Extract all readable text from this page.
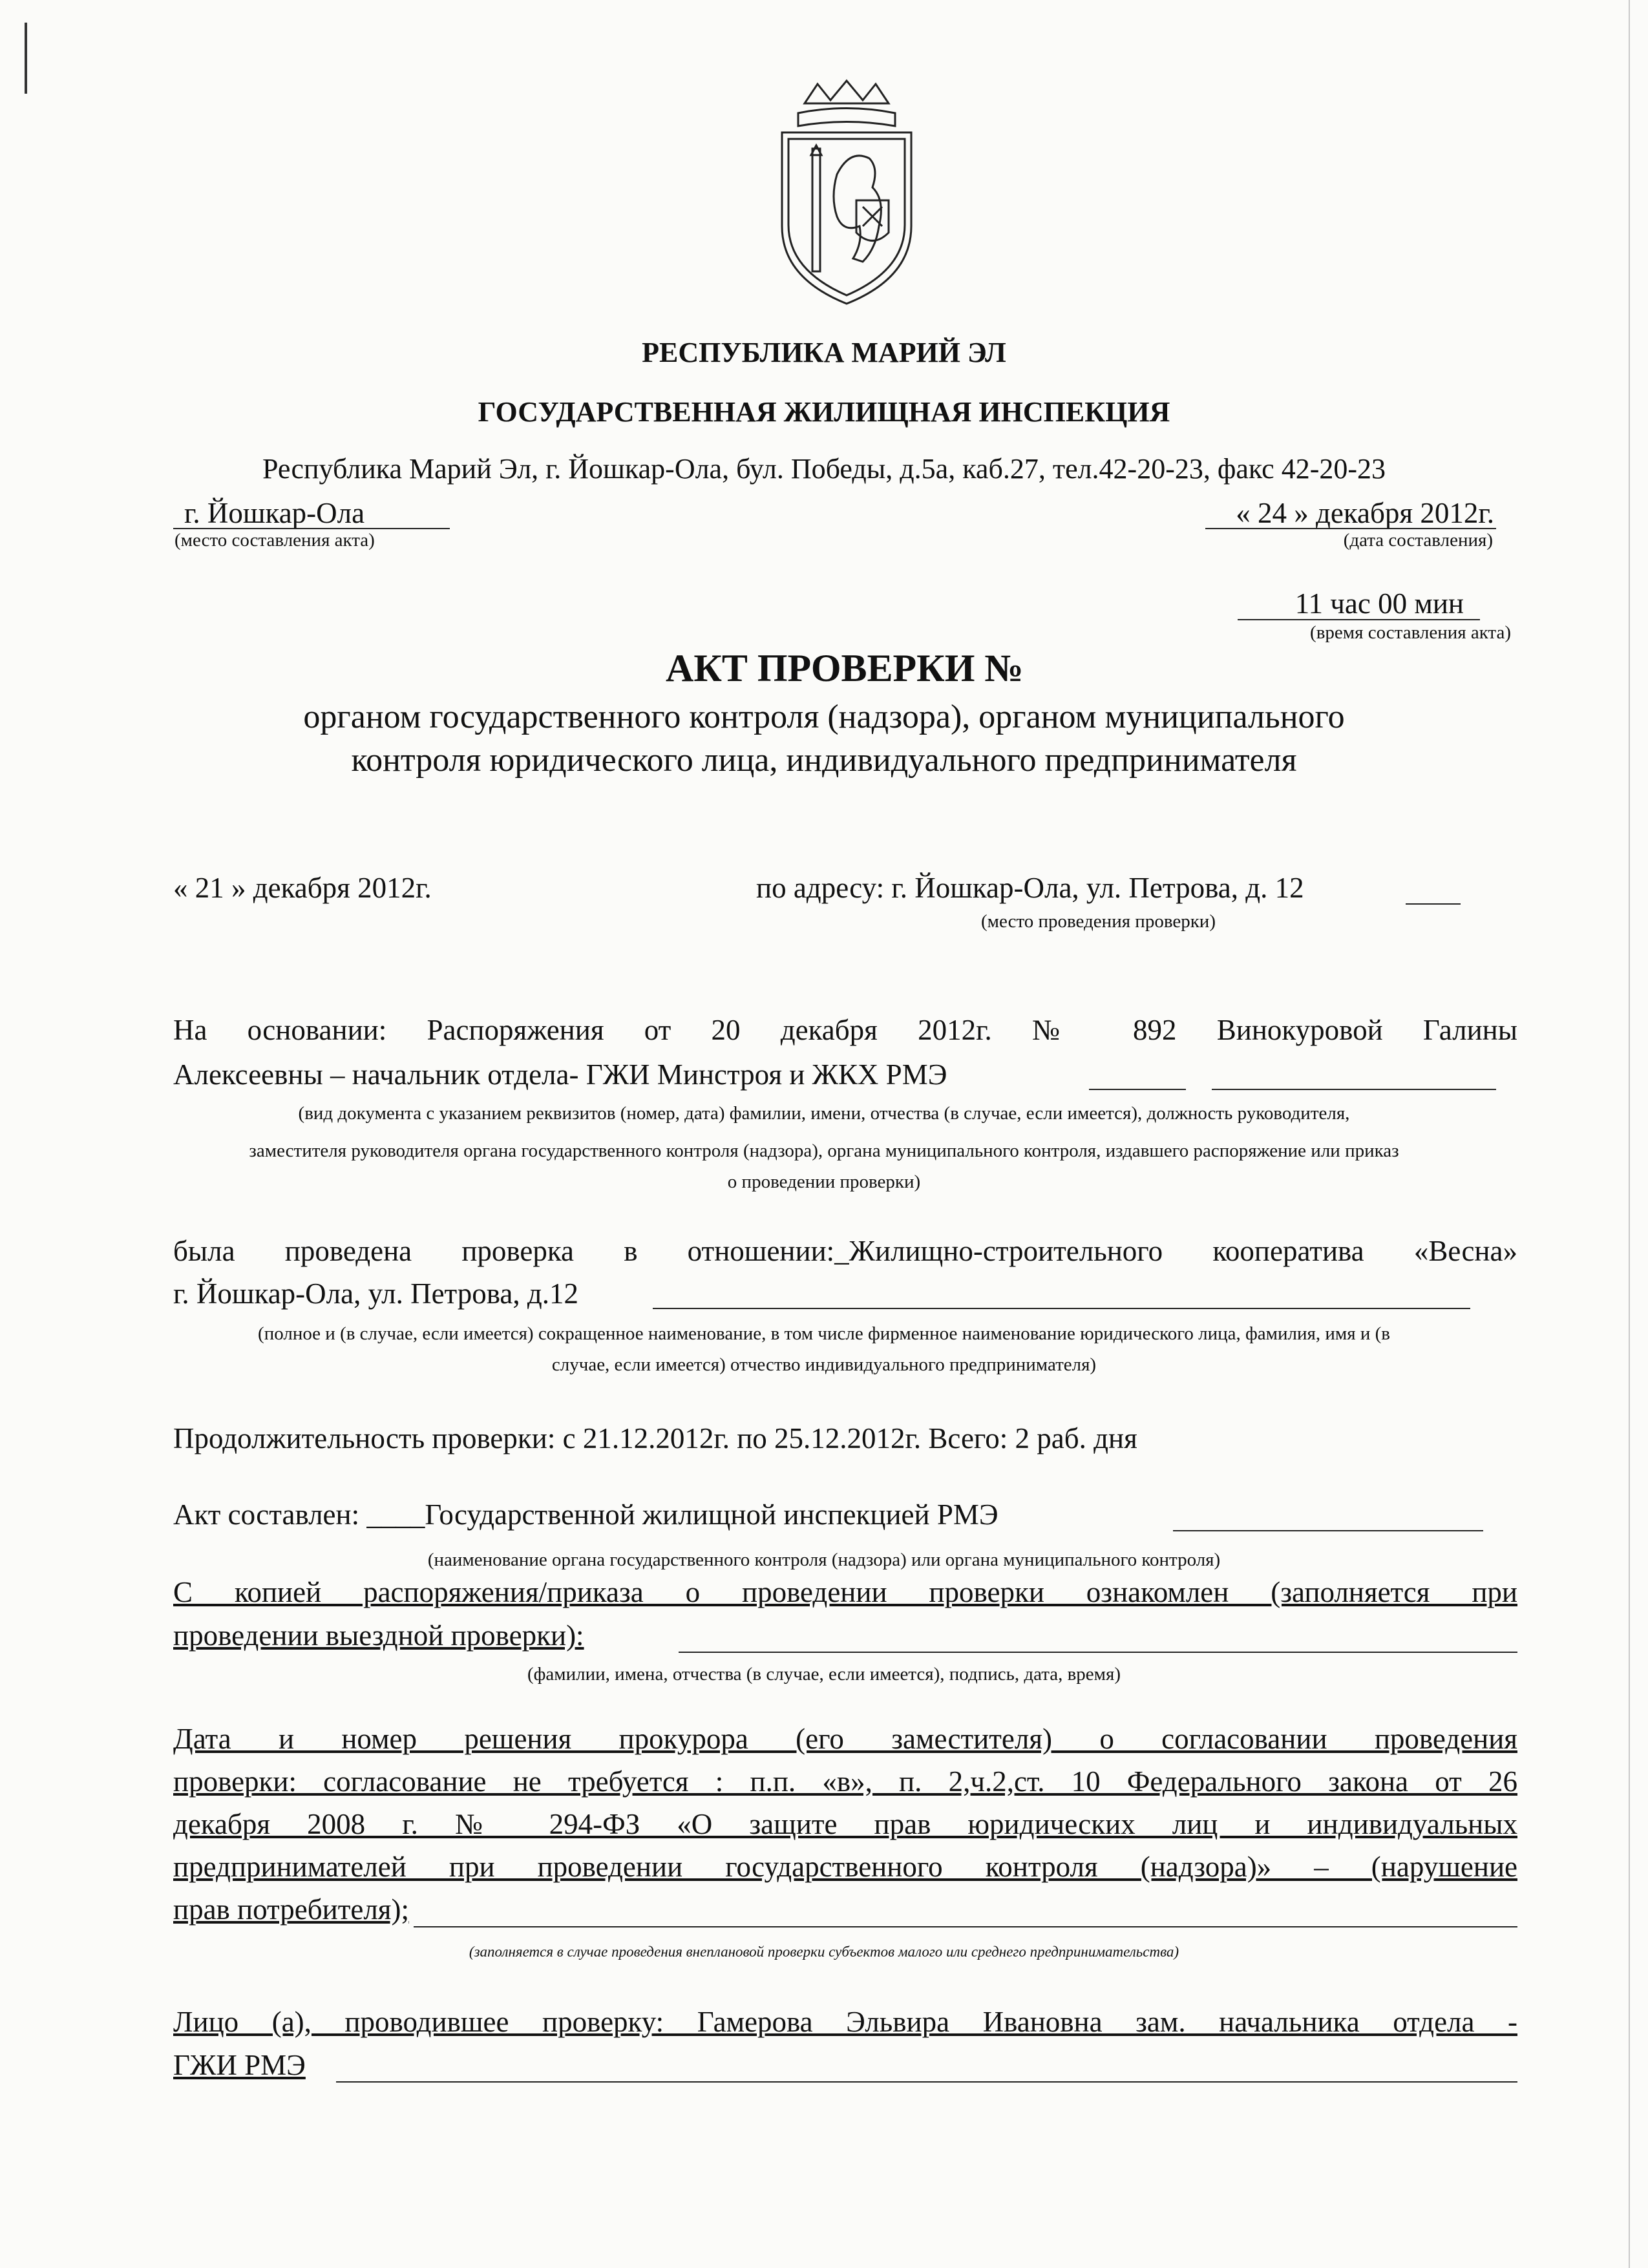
РЕСПУБЛИКА МАРИЙ ЭЛ
ГОСУДАРСТВЕННАЯ ЖИЛИЩНАЯ ИНСПЕКЦИЯ
Республика Марий Эл, г. Йошкар-Ола, бул. Победы, д.5а, каб.27, тел.42-20-23, факс 42-20-23
г. Йошкар-Ола	« 24 » декабря 2012г.
(место составления акта)	(дата составления)
11 час 00 мин
(время составления акта)
АКТ ПРОВЕРКИ №
органом государственного контроля (надзора), органом муниципального
контроля юридического лица, индивидуального предпринимателя
« 21 » декабря 2012г.	по адресу: г. Йошкар-Ола, ул. Петрова, д. 12
(место проведения проверки)
На основании: Распоряжения от 20 декабря 2012г. № 892 Винокуровой Галины
Алексеевны – начальник отдела- ГЖИ Минстроя и ЖКХ РМЭ
(вид документа с указанием реквизитов (номер, дата) фамилии, имени, отчества (в случае, если имеется), должность руководителя,
заместителя руководителя органа государственного контроля (надзора), органа муниципального контроля, издавшего распоряжение или приказ
о проведении проверки)
была проведена проверка в отношении:_Жилищно-строительного кооператива «Весна»
г. Йошкар-Ола, ул. Петрова, д.12
(полное и (в случае, если имеется) сокращенное наименование, в том числе фирменное наименование юридического лица, фамилия, имя и (в
случае, если имеется) отчество индивидуального предпринимателя)
Продолжительность проверки: с 21.12.2012г. по 25.12.2012г. Всего: 2 раб. дня
Акт составлен: ____Государственной жилищной инспекцией РМЭ
(наименование органа государственного контроля (надзора) или органа муниципального контроля)
С копией распоряжения/приказа о проведении проверки ознакомлен (заполняется при
проведении выездной проверки):
(фамилии, имена, отчества (в случае, если имеется), подпись, дата, время)
Дата и номер решения прокурора (его заместителя) о согласовании проведения
проверки: согласование не требуется : п.п. «в», п. 2,ч.2,ст. 10 Федерального закона от 26
декабря 2008 г. № 294-ФЗ «О защите прав юридических лиц и индивидуальных
предпринимателей при проведении государственного контроля (надзора)» – (нарушение
прав потребителя);
(заполняется в случае проведения внеплановой проверки субъектов малого или среднего предпринимательства)
Лицо (а), проводившее проверку: Гамерова Эльвира Ивановна зам. начальника отдела -
ГЖИ РМЭ
